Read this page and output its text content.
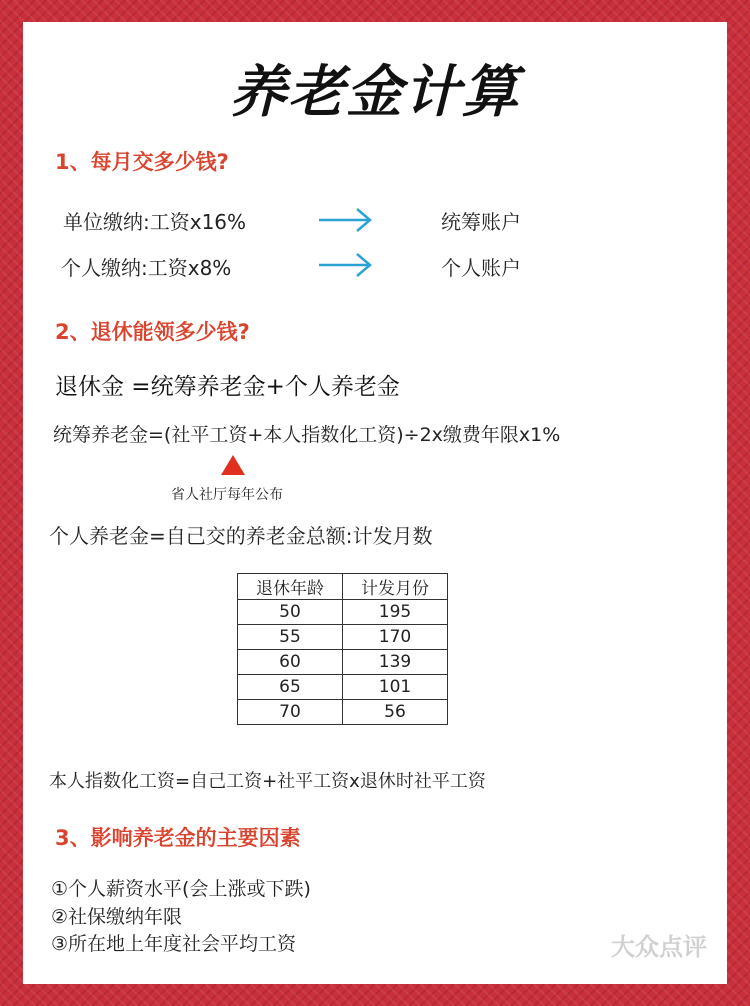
养老金计算
1、每月交多少钱?
单位缴纳:工资x16%	统筹账户
个人缴纳:工资x8%	个人账户
2、退休能领多少钱?
退休金 =统筹养老金+个人养老金
统筹养老金=(社平工资+本人指数化工资)÷2x缴费年限x1%
省人社厅每年公布
个人养老金=自己交的养老金总额:计发月数
退休年龄	计发月份
50	195
55	170
60	139
65	101
70	56
本人指数化工资=自己工资+社平工资x退休时社平工资
3、影响养老金的主要因素
①个人薪资水平(会上涨或下跌)
②社保缴纳年限
③所在地上年度社会平均工资	大众点评
